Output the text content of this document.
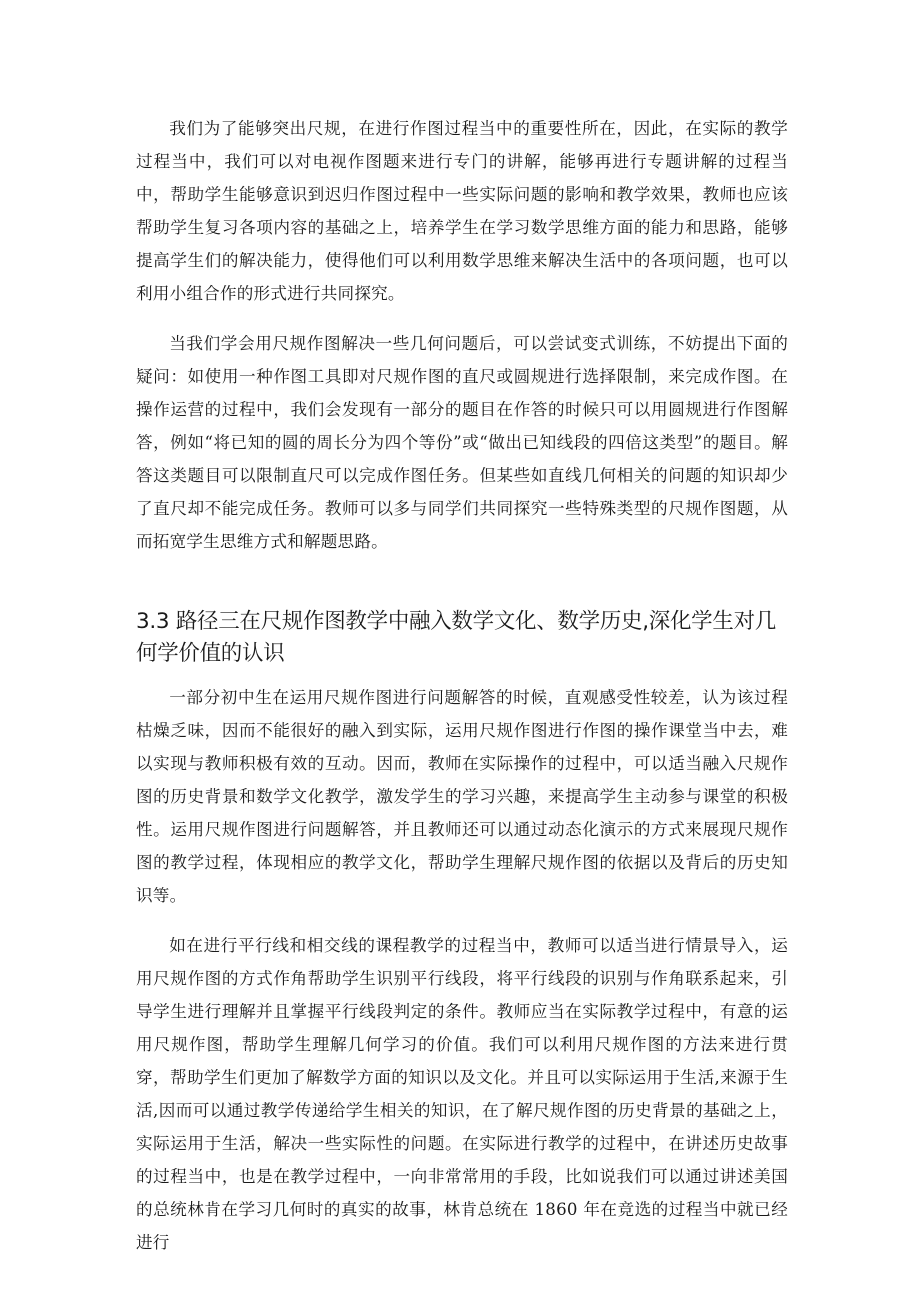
我们为了能够突出尺规，在进行作图过程当中的重要性所在，因此，在实际的教学过程当中，我们可以对电视作图题来进行专门的讲解，能够再进行专题讲解的过程当中，帮助学生能够意识到迟归作图过程中一些实际问题的影响和教学效果，教师也应该帮助学生复习各项内容的基础之上，培养学生在学习数学思维方面的能力和思路，能够提高学生们的解决能力，使得他们可以利用数学思维来解决生活中的各项问题，也可以利用小组合作的形式进行共同探究。

当我们学会用尺规作图解决一些几何问题后，可以尝试变式训练，不妨提出下面的疑问：如使用一种作图工具即对尺规作图的直尺或圆规进行选择限制，来完成作图。在操作运营的过程中，我们会发现有一部分的题目在作答的时候只可以用圆规进行作图解答，例如“将已知的圆的周长分为四个等份”或“做出已知线段的四倍这类型”的题目。解答这类题目可以限制直尺可以完成作图任务。但某些如直线几何相关的问题的知识却少了直尺却不能完成任务。教师可以多与同学们共同探究一些特殊类型的尺规作图题，从而拓宽学生思维方式和解题思路。

3.3 路径三在尺规作图教学中融入数学文化、数学历史,深化学生对几何学价值的认识

一部分初中生在运用尺规作图进行问题解答的时候，直观感受性较差，认为该过程枯燥乏味，因而不能很好的融入到实际，运用尺规作图进行作图的操作课堂当中去，难以实现与教师积极有效的互动。因而，教师在实际操作的过程中，可以适当融入尺规作图的历史背景和数学文化教学，激发学生的学习兴趣，来提高学生主动参与课堂的积极性。运用尺规作图进行问题解答，并且教师还可以通过动态化演示的方式来展现尺规作图的教学过程，体现相应的教学文化，帮助学生理解尺规作图的依据以及背后的历史知识等。

如在进行平行线和相交线的课程教学的过程当中，教师可以适当进行情景导入，运用尺规作图的方式作角帮助学生识别平行线段，将平行线段的识别与作角联系起来，引导学生进行理解并且掌握平行线段判定的条件。教师应当在实际教学过程中，有意的运用尺规作图，帮助学生理解几何学习的价值。我们可以利用尺规作图的方法来进行贯穿，帮助学生们更加了解数学方面的知识以及文化。并且可以实际运用于生活,来源于生活,因而可以通过教学传递给学生相关的知识，在了解尺规作图的历史背景的基础之上，实际运用于生活，解决一些实际性的问题。在实际进行教学的过程中，在讲述历史故事的过程当中，也是在教学过程中，一向非常常用的手段，比如说我们可以通过讲述美国的总统林肯在学习几何时的真实的故事，林肯总统在 1860 年在竞选的过程当中就已经进行
